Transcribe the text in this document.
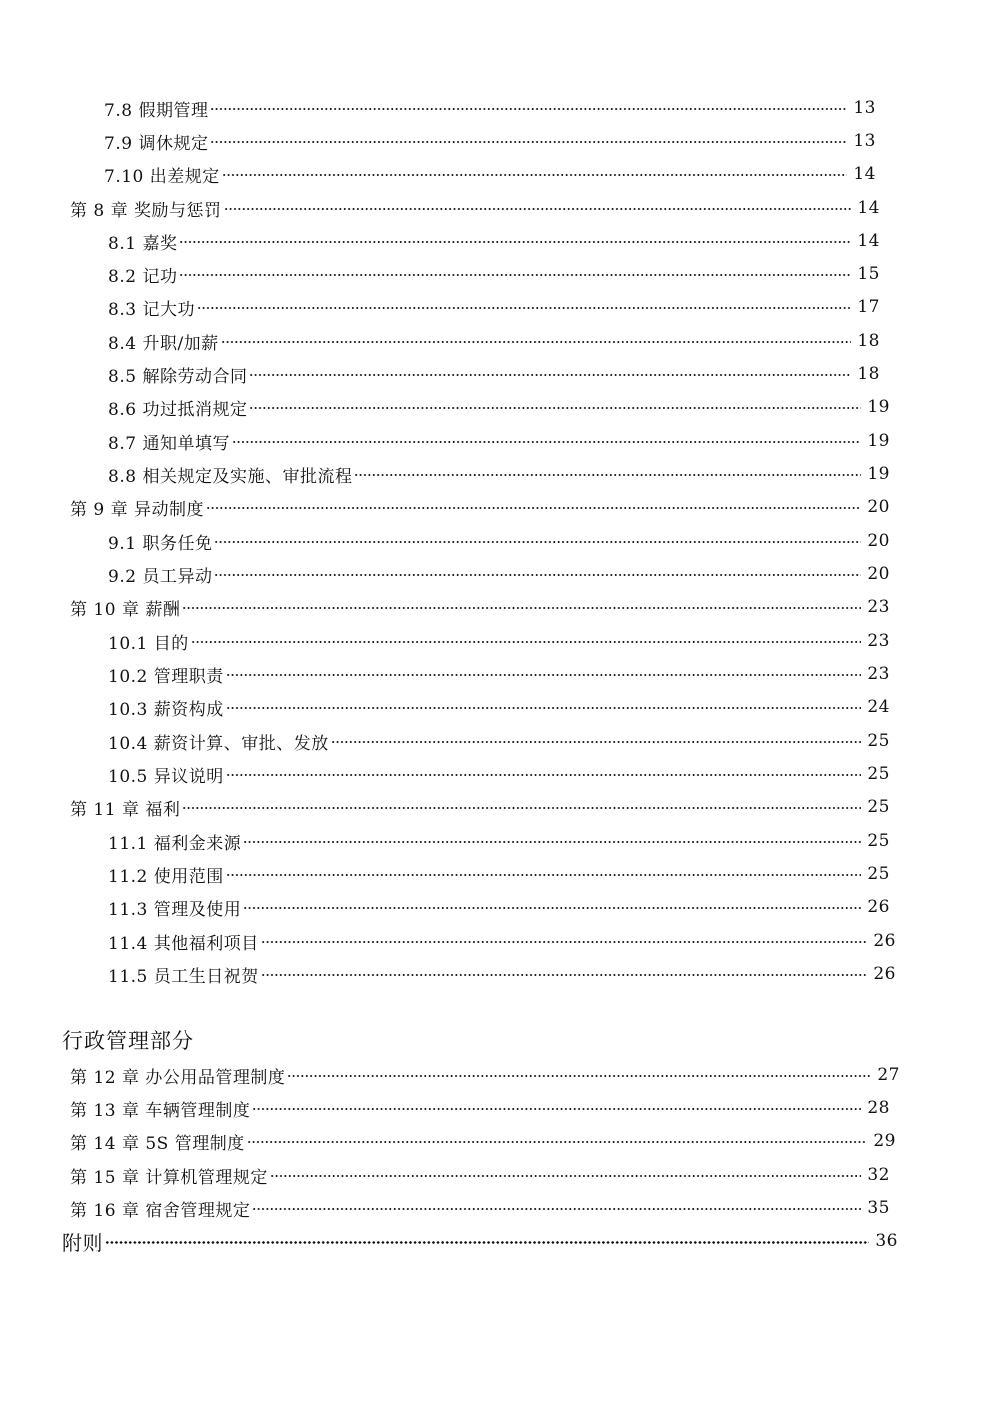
7.8 假期管理	13
7.9 调休规定	13
7.10 出差规定	14
第 8 章 奖励与惩罚	14
8.1 嘉奖	14
8.2 记功	15
8.3 记大功	17
8.4 升职/加薪	18
8.5 解除劳动合同	18
8.6 功过抵消规定	19
8.7 通知单填写	19
8.8 相关规定及实施、审批流程	19
第 9 章 异动制度	20
9.1 职务任免	20
9.2 员工异动	20
第 10 章 薪酬	23
10.1 目的	23
10.2 管理职责	23
10.3 薪资构成	24
10.4 薪资计算、审批、发放	25
10.5 异议说明	25
第 11 章 福利	25
11.1 福利金来源	25
11.2 使用范围	25
11.3 管理及使用	26
11.4 其他福利项目	26
11.5 员工生日祝贺	26
行政管理部分
第 12 章 办公用品管理制度	27
第 13 章 车辆管理制度	28
第 14 章 5S 管理制度	29
第 15 章 计算机管理规定	32
第 16 章 宿舍管理规定	35
附则	36
